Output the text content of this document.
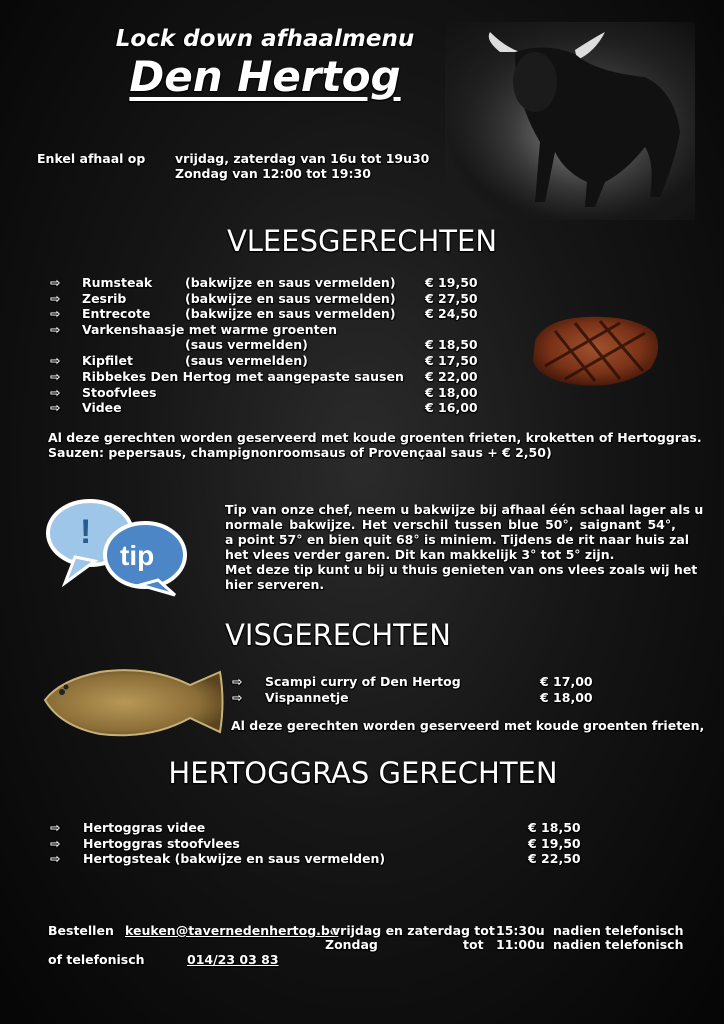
Lock down afhaalmenu
Den Hertog
Enkel afhaal op vrijdag, zaterdag van 16u tot 19u30
Zondag van 12:00 tot 19:30
VLEESGERECHTEN
⇨ Rumsteak	(bakwijze en saus vermelden) € 19,50
⇨ Zesrib	(bakwijze en saus vermelden) € 27,50
⇨ Entrecote	(bakwijze en saus vermelden) € 24,50
⇨ Varkenshaasje met warme groenten
(saus vermelden)	€ 18,50
⇨ Kipfilet	(saus vermelden)	€ 17,50
⇨ Ribbekes Den Hertog met aangepaste sausen € 22,00
⇨ Stoofvlees	€ 18,00
⇨ Videe	€ 16,00
Al deze gerechten worden geserveerd met koude groenten frieten, kroketten of Hertoggras.
Sauzen: pepersaus, champignonroomsaus of Provençaal saus + € 2,50)
!
tip
Tip van onze chef, neem u bakwijze bij afhaal één schaal lager als u
normale bakwijze. Het verschil tussen blue 50°, saignant 54°,
a point 57° en bien quit 68° is miniem. Tijdens de rit naar huis zal
het vlees verder garen. Dit kan makkelijk 3° tot 5° zijn.
Met deze tip kunt u bij u thuis genieten van ons vlees zoals wij het
hier serveren.
VISGERECHTEN
⇨ Scampi curry of Den Hertog	€ 17,00
⇨ Vispannetje	€ 18,00
Al deze gerechten worden geserveerd met koude groenten frieten,
HERTOGGRAS GERECHTEN
⇨ Hertoggras videe	€ 18,50
⇨ Hertoggras stoofvlees	€ 19,50
⇨ Hertogsteak (bakwijze en saus vermelden)	€ 22,50
Bestellen keuken@tavernedenhertog.be
vrijdag en zaterdag tot 15:30u nadien telefonisch
Zondag	tot 11:00u nadien telefonisch
of telefonisch	014/23 03 83
